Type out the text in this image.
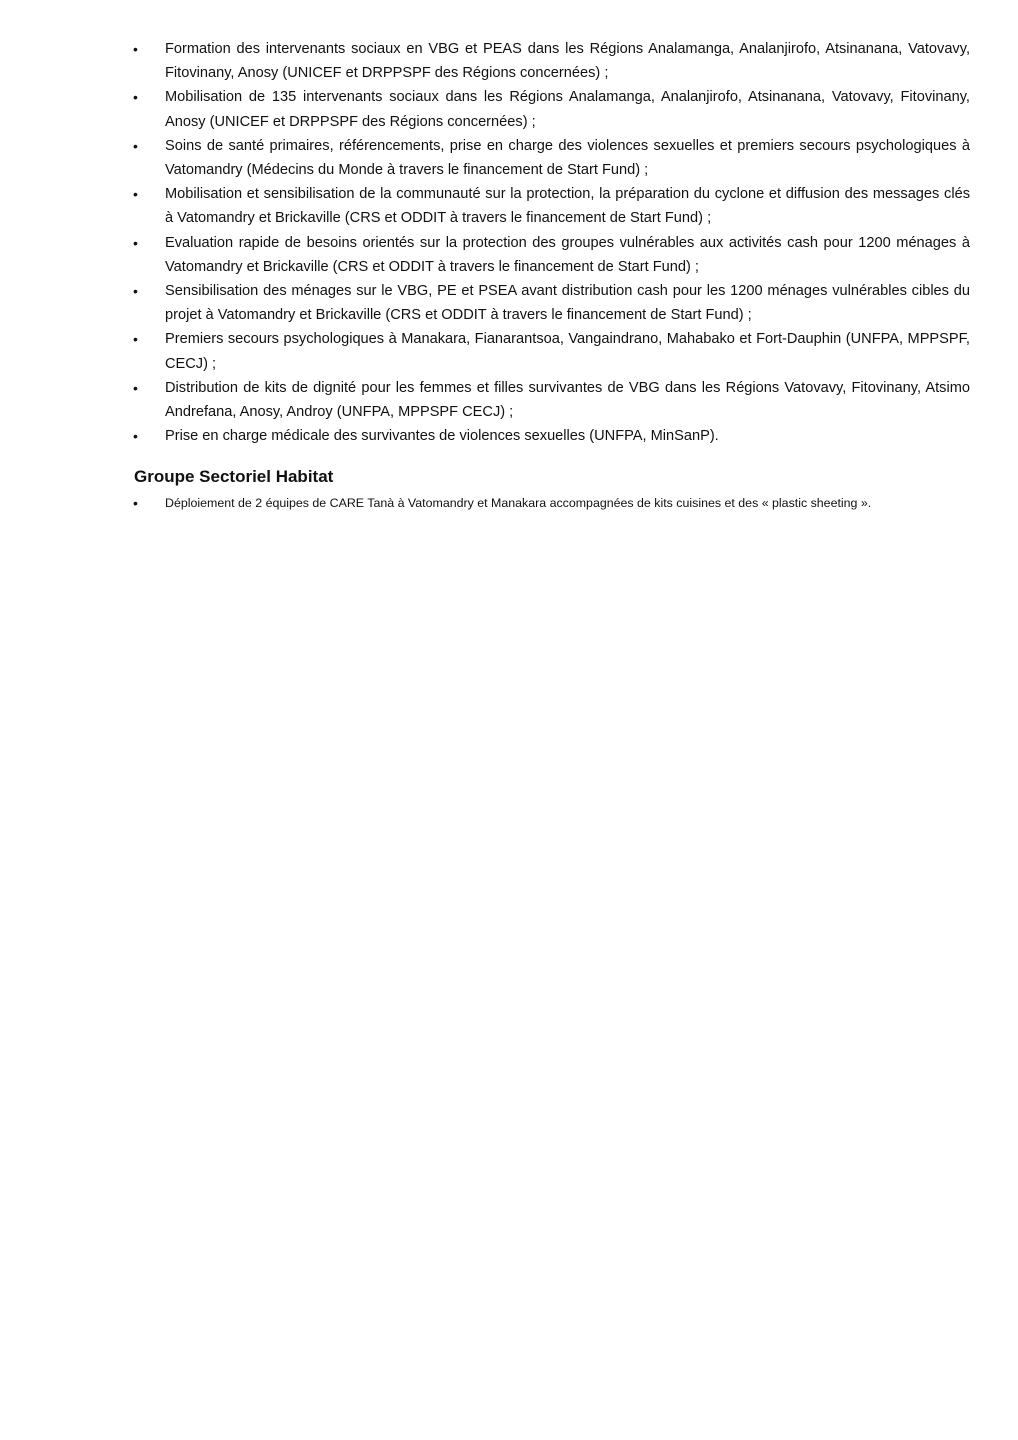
• Formation des intervenants sociaux en VBG et PEAS dans les Régions Analamanga, Analanjirofo, Atsinanana, Vatovavy, Fitovinany, Anosy (UNICEF et DRPPSPF des Régions concernées) ;
• Mobilisation de 135 intervenants sociaux dans les Régions Analamanga, Analanjirofo, Atsinanana, Vatovavy, Fitovinany, Anosy (UNICEF et DRPPSPF des Régions concernées) ;
• Soins de santé primaires, référencements, prise en charge des violences sexuelles et premiers secours psychologiques à Vatomandry (Médecins du Monde à travers le financement de Start Fund) ;
• Mobilisation et sensibilisation de la communauté sur la protection, la préparation du cyclone et diffusion des messages clés à Vatomandry et Brickaville (CRS et ODDIT à travers le financement de Start Fund) ;
• Evaluation rapide de besoins orientés sur la protection des groupes vulnérables aux activités cash pour 1200 ménages à Vatomandry et Brickaville (CRS et ODDIT à travers le financement de Start Fund) ;
• Sensibilisation des ménages sur le VBG, PE et PSEA avant distribution cash pour les 1200 ménages vulnérables cibles du projet à Vatomandry et Brickaville (CRS et ODDIT à travers le financement de Start Fund) ;
• Premiers secours psychologiques à Manakara, Fianarantsoa, Vangaindrano, Mahabako et Fort-Dauphin (UNFPA, MPPSPF, CECJ) ;
• Distribution de kits de dignité pour les femmes et filles survivantes de VBG dans les Régions Vatovavy, Fitovinany, Atsimo Andrefana, Anosy, Androy (UNFPA, MPPSPF CECJ) ;
• Prise en charge médicale des survivantes de violences sexuelles (UNFPA, MinSanP).
Groupe Sectoriel Habitat
• Déploiement de 2 équipes de CARE Tanà à Vatomandry et Manakara accompagnées de kits cuisines et des « plastic sheeting ».
